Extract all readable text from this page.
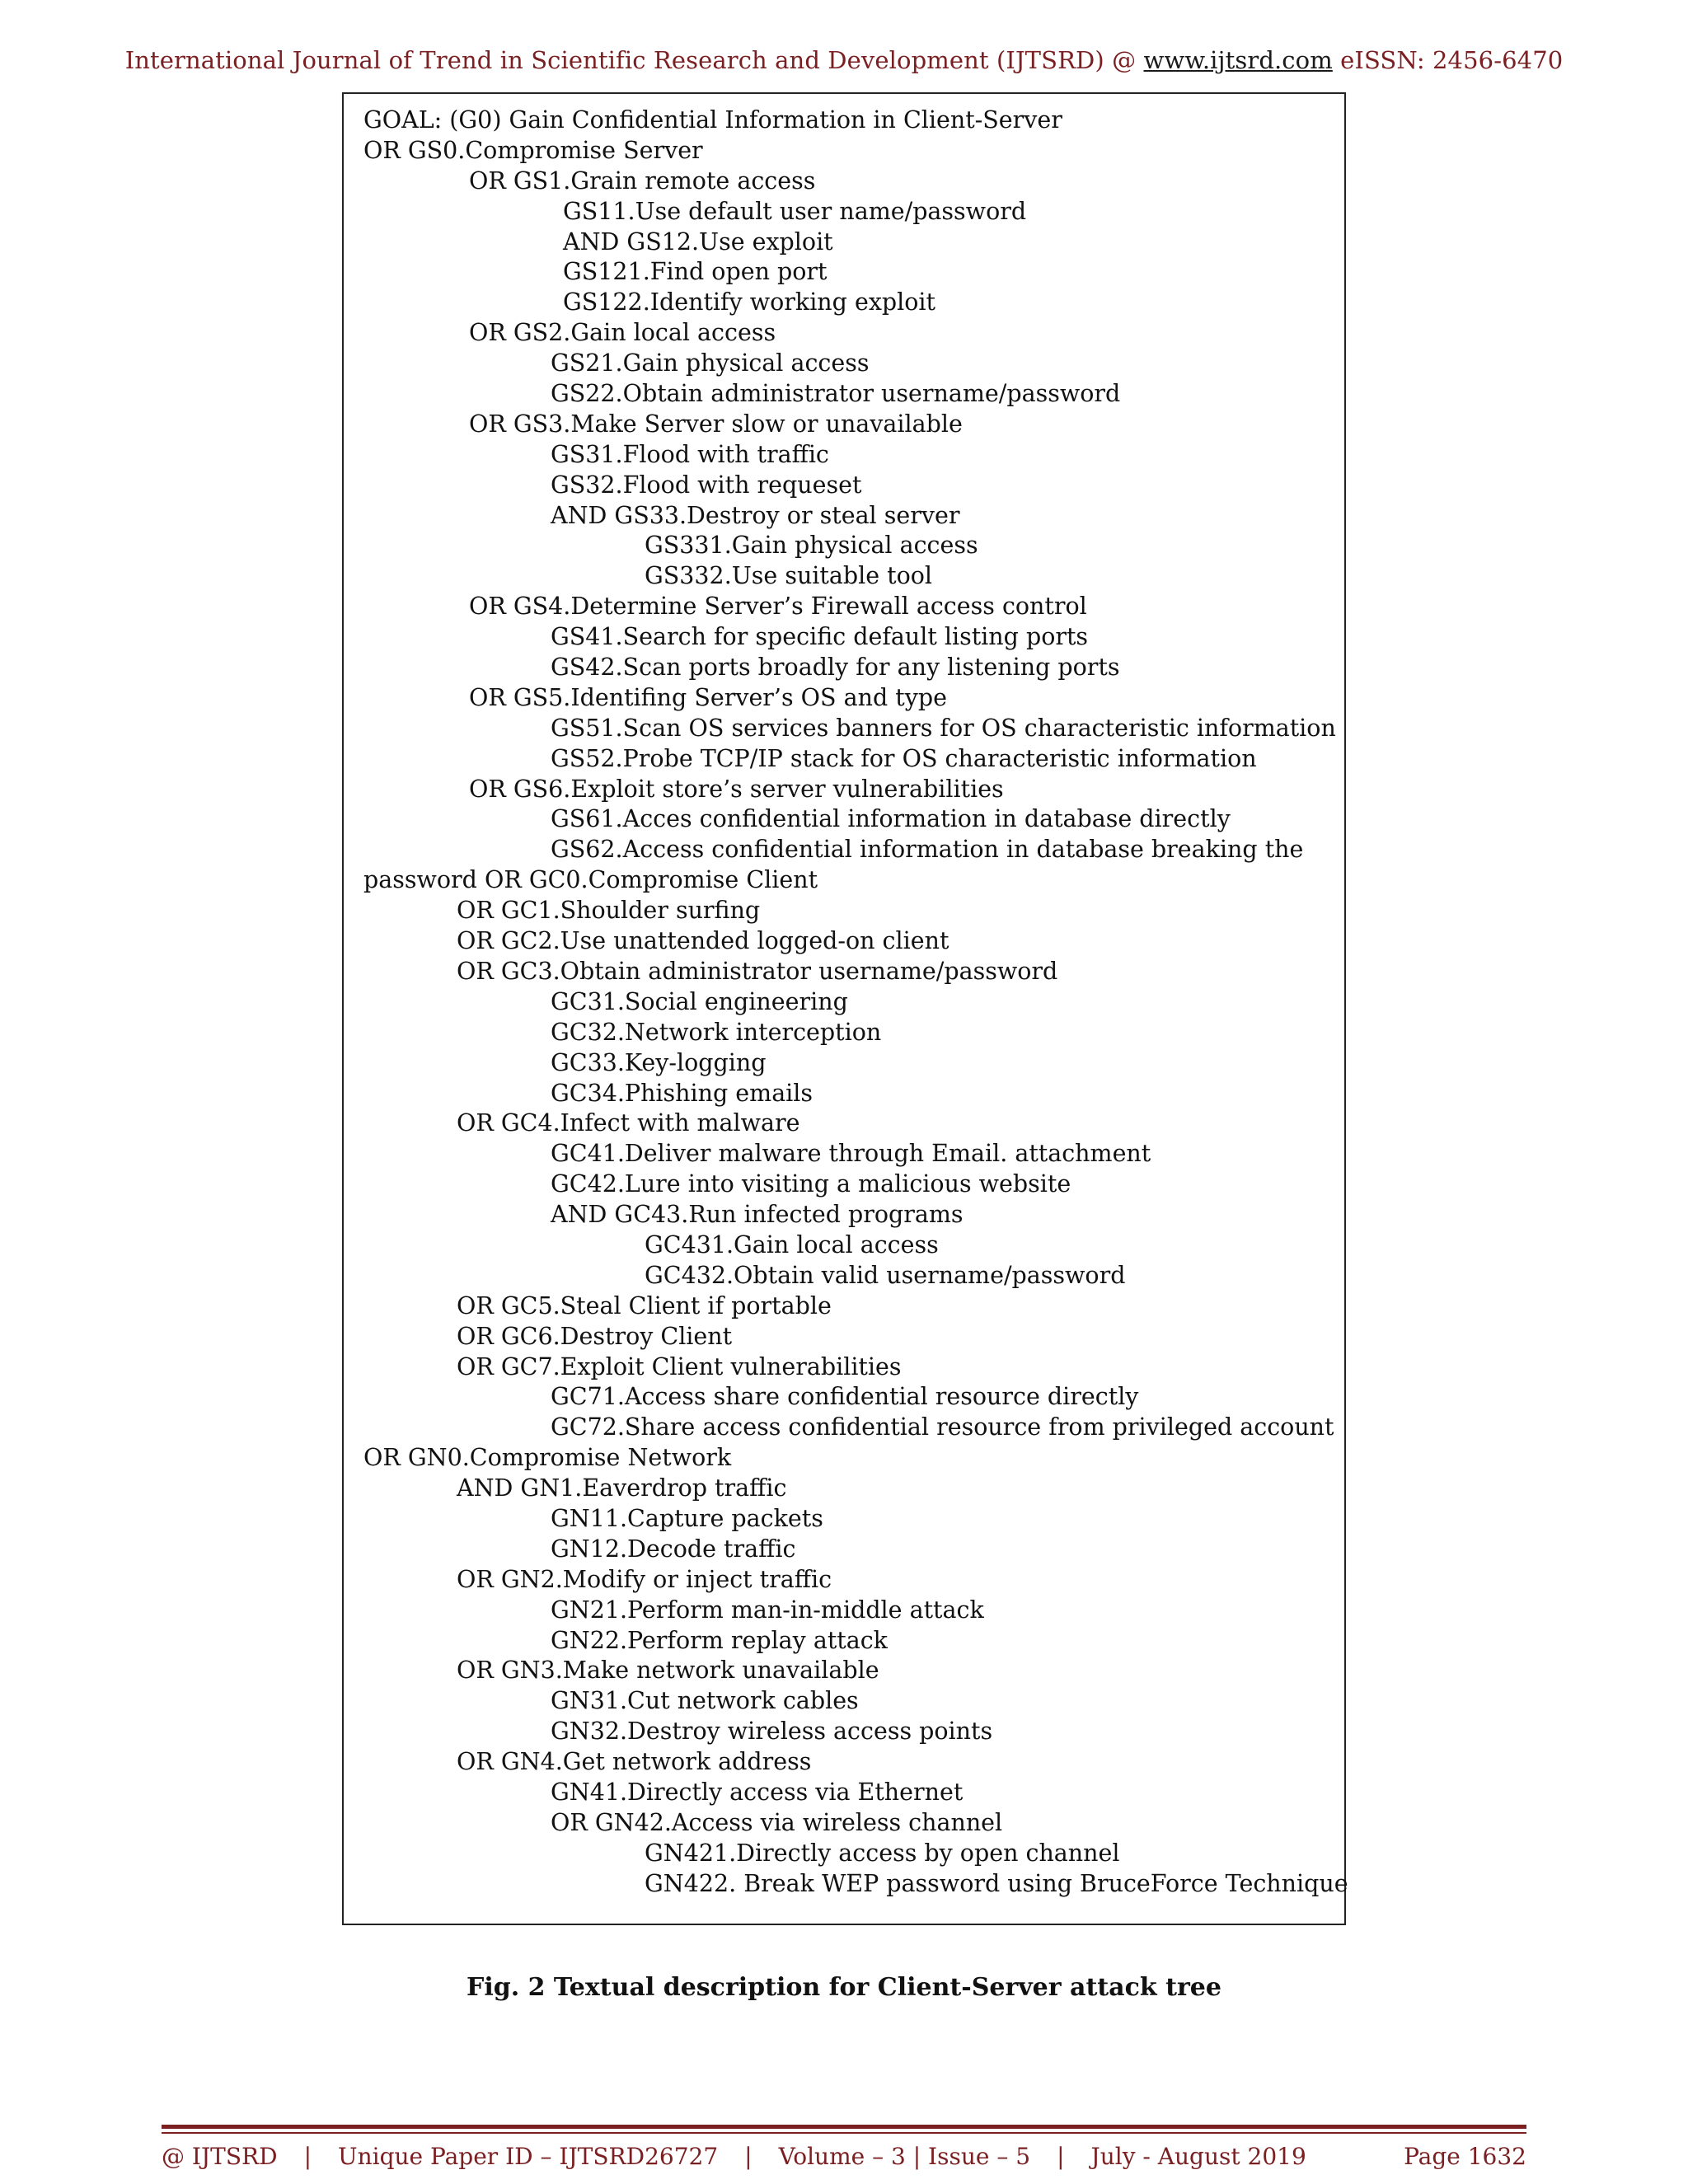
International Journal of Trend in Scientific Research and Development (IJTSRD) @ www.ijtsrd.com eISSN: 2456-6470
GOAL: (G0) Gain Confidential Information in Client-Server
OR GS0.Compromise Server
OR GS1.Grain remote access
GS11.Use default user name/password
AND GS12.Use exploit
GS121.Find open port
GS122.Identify working exploit
OR GS2.Gain local access
GS21.Gain physical access
GS22.Obtain administrator username/password
OR GS3.Make Server slow or unavailable
GS31.Flood with traffic
GS32.Flood with requeset
AND GS33.Destroy or steal server
GS331.Gain physical access
GS332.Use suitable tool
OR GS4.Determine Server’s Firewall access control
GS41.Search for specific default listing ports
GS42.Scan ports broadly for any listening ports
OR GS5.Identifing Server’s OS and type
GS51.Scan OS services banners for OS characteristic information
GS52.Probe TCP/IP stack for OS characteristic information
OR GS6.Exploit store’s server vulnerabilities
GS61.Acces confidential information in database directly
GS62.Access confidential information in database breaking the
password OR GC0.Compromise Client
OR GC1.Shoulder surfing
OR GC2.Use unattended logged-on client
OR GC3.Obtain administrator username/password
GC31.Social engineering
GC32.Network interception
GC33.Key-logging
GC34.Phishing emails
OR GC4.Infect with malware
GC41.Deliver malware through Email. attachment
GC42.Lure into visiting a malicious website
AND GC43.Run infected programs
GC431.Gain local access
GC432.Obtain valid username/password
OR GC5.Steal Client if portable
OR GC6.Destroy Client
OR GC7.Exploit Client vulnerabilities
GC71.Access share confidential resource directly
GC72.Share access confidential resource from privileged account
OR GN0.Compromise Network
AND GN1.Eaverdrop traffic
GN11.Capture packets
GN12.Decode traffic
OR GN2.Modify or inject traffic
GN21.Perform man-in-middle attack
GN22.Perform replay attack
OR GN3.Make network unavailable
GN31.Cut network cables
GN32.Destroy wireless access points
OR GN4.Get network address
GN41.Directly access via Ethernet
OR GN42.Access via wireless channel
GN421.Directly access by open channel
GN422. Break WEP password using BruceForce Technique
Fig. 2 Textual description for Client-Server attack tree
@ IJTSRD | Unique Paper ID – IJTSRD26727 | Volume – 3 | Issue – 5 | July - August 2019	Page 1632
